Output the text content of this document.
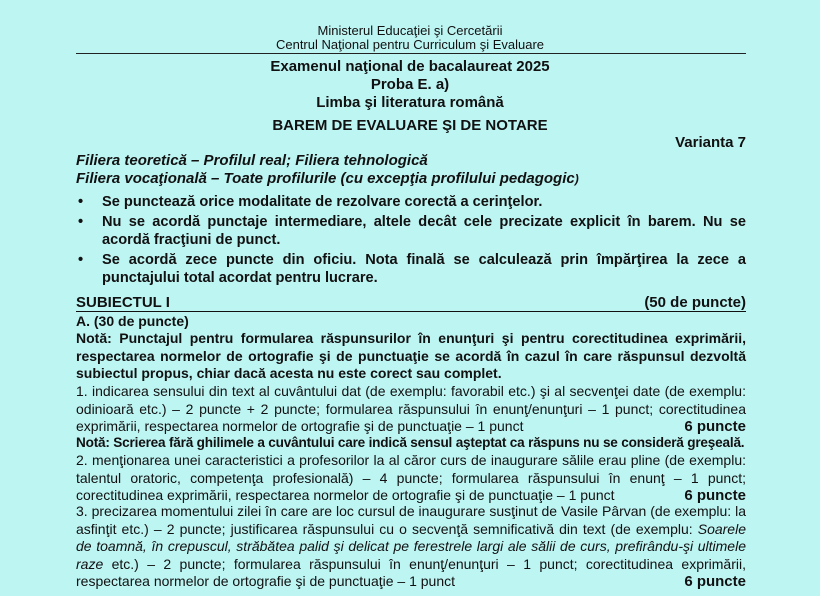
Ministerul Educaţiei şi Cercetării
Centrul Naţional pentru Curriculum şi Evaluare
Examenul naţional de bacalaureat 2025
Proba E. a)
Limba şi literatura română
BAREM DE EVALUARE ŞI DE NOTARE
Varianta 7
Filiera teoretică – Profilul real; Filiera tehnologică
Filiera vocaţională – Toate profilurile (cu excepţia profilului pedagogic)
• Se punctează orice modalitate de rezolvare corectă a cerinţelor.
• Nu se acordă punctaje intermediare, altele decât cele precizate explicit în barem. Nu se acordă fracţiuni de punct.
• Se acordă zece puncte din oficiu. Nota finală se calculează prin împărţirea la zece a punctajului total acordat pentru lucrare.
SUBIECTUL I	(50 de puncte)
A. (30 de puncte)
Notă: Punctajul pentru formularea răspunsurilor în enunţuri şi pentru corectitudinea exprimării, respectarea normelor de ortografie şi de punctuaţie se acordă în cazul în care răspunsul dezvoltă subiectul propus, chiar dacă acesta nu este corect sau complet.
1. indicarea sensului din text al cuvântului dat (de exemplu: favorabil etc.) şi al secvenţei date (de exemplu: odinioară etc.) – 2 puncte + 2 puncte; formularea răspunsului în enunţ/enunţuri – 1 punct; corectitudinea exprimării, respectarea normelor de ortografie şi de punctuaţie – 1 punct	6 puncte
Notă: Scrierea fără ghilimele a cuvântului care indică sensul aşteptat ca răspuns nu se consideră greşeală.
2. menţionarea unei caracteristici a profesorilor la al căror curs de inaugurare sălile erau pline (de exemplu: talentul oratoric, competenţa profesională) – 4 puncte; formularea răspunsului în enunţ – 1 punct; corectitudinea exprimării, respectarea normelor de ortografie şi de punctuaţie – 1 punct	6 puncte
3. precizarea momentului zilei în care are loc cursul de inaugurare susţinut de Vasile Pârvan (de exemplu: la asfinţit etc.) – 2 puncte; justificarea răspunsului cu o secvenţă semnificativă din text (de exemplu: Soarele de toamnă, în crepuscul, străbătea palid şi delicat pe ferestrele largi ale sălii de curs, prefirându-şi ultimele raze etc.) – 2 puncte; formularea răspunsului în enunţ/enunţuri – 1 punct; corectitudinea exprimării, respectarea normelor de ortografie şi de punctuaţie – 1 punct	6 puncte
